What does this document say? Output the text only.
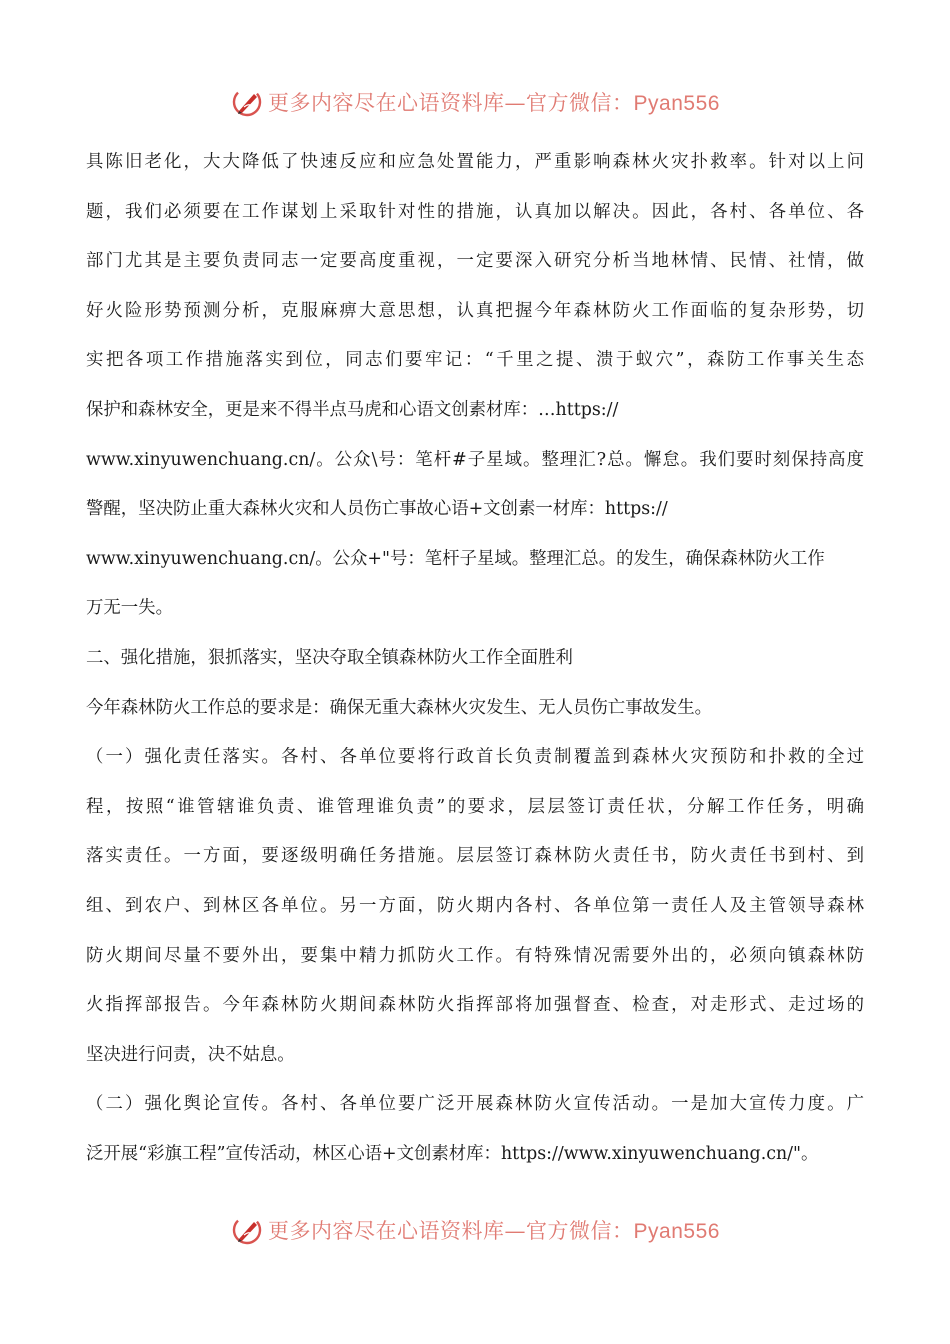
更多内容尽在心语资料库—官方微信：Pyan556
具陈旧老化，大大降低了快速反应和应急处置能力，严重影响森林火灾扑救率。针对以上问
题，我们必须要在工作谋划上采取针对性的措施，认真加以解决。因此，各村、各单位、各
部门尤其是主要负责同志一定要高度重视，一定要深入研究分析当地林情、民情、社情，做
好火险形势预测分析，克服麻痹大意思想，认真把握今年森林防火工作面临的复杂形势，切
实把各项工作措施落实到位，同志们要牢记：“千里之提、溃于蚁穴”，森防工作事关生态
保护和森林安全，更是来不得半点马虎和心语文创素材库：…https://
www.xinyuwenchuang.cn/。公众\号：笔杆#子星域。整理汇?总。懈怠。我们要时刻保持高度
警醒，坚决防止重大森林火灾和人员伤亡事故心语+文创素一材库：https://
www.xinyuwenchuang.cn/。公众+"号：笔杆子星域。整理汇总。的发生，确保森林防火工作
万无一失。
二、强化措施，狠抓落实，坚决夺取全镇森林防火工作全面胜利
今年森林防火工作总的要求是：确保无重大森林火灾发生、无人员伤亡事故发生。
（一）强化责任落实。各村、各单位要将行政首长负责制覆盖到森林火灾预防和扑救的全过
程，按照“谁管辖谁负责、谁管理谁负责”的要求，层层签订责任状，分解工作任务，明确
落实责任。一方面，要逐级明确任务措施。层层签订森林防火责任书，防火责任书到村、到
组、到农户、到林区各单位。另一方面，防火期内各村、各单位第一责任人及主管领导森林
防火期间尽量不要外出，要集中精力抓防火工作。有特殊情况需要外出的，必须向镇森林防
火指挥部报告。今年森林防火期间森林防火指挥部将加强督查、检查，对走形式、走过场的
坚决进行问责，决不姑息。
（二）强化舆论宣传。各村、各单位要广泛开展森林防火宣传活动。一是加大宣传力度。广
泛开展“彩旗工程”宣传活动，林区心语+文创素材库：https://www.xinyuwenchuang.cn/"。
更多内容尽在心语资料库—官方微信：Pyan556
